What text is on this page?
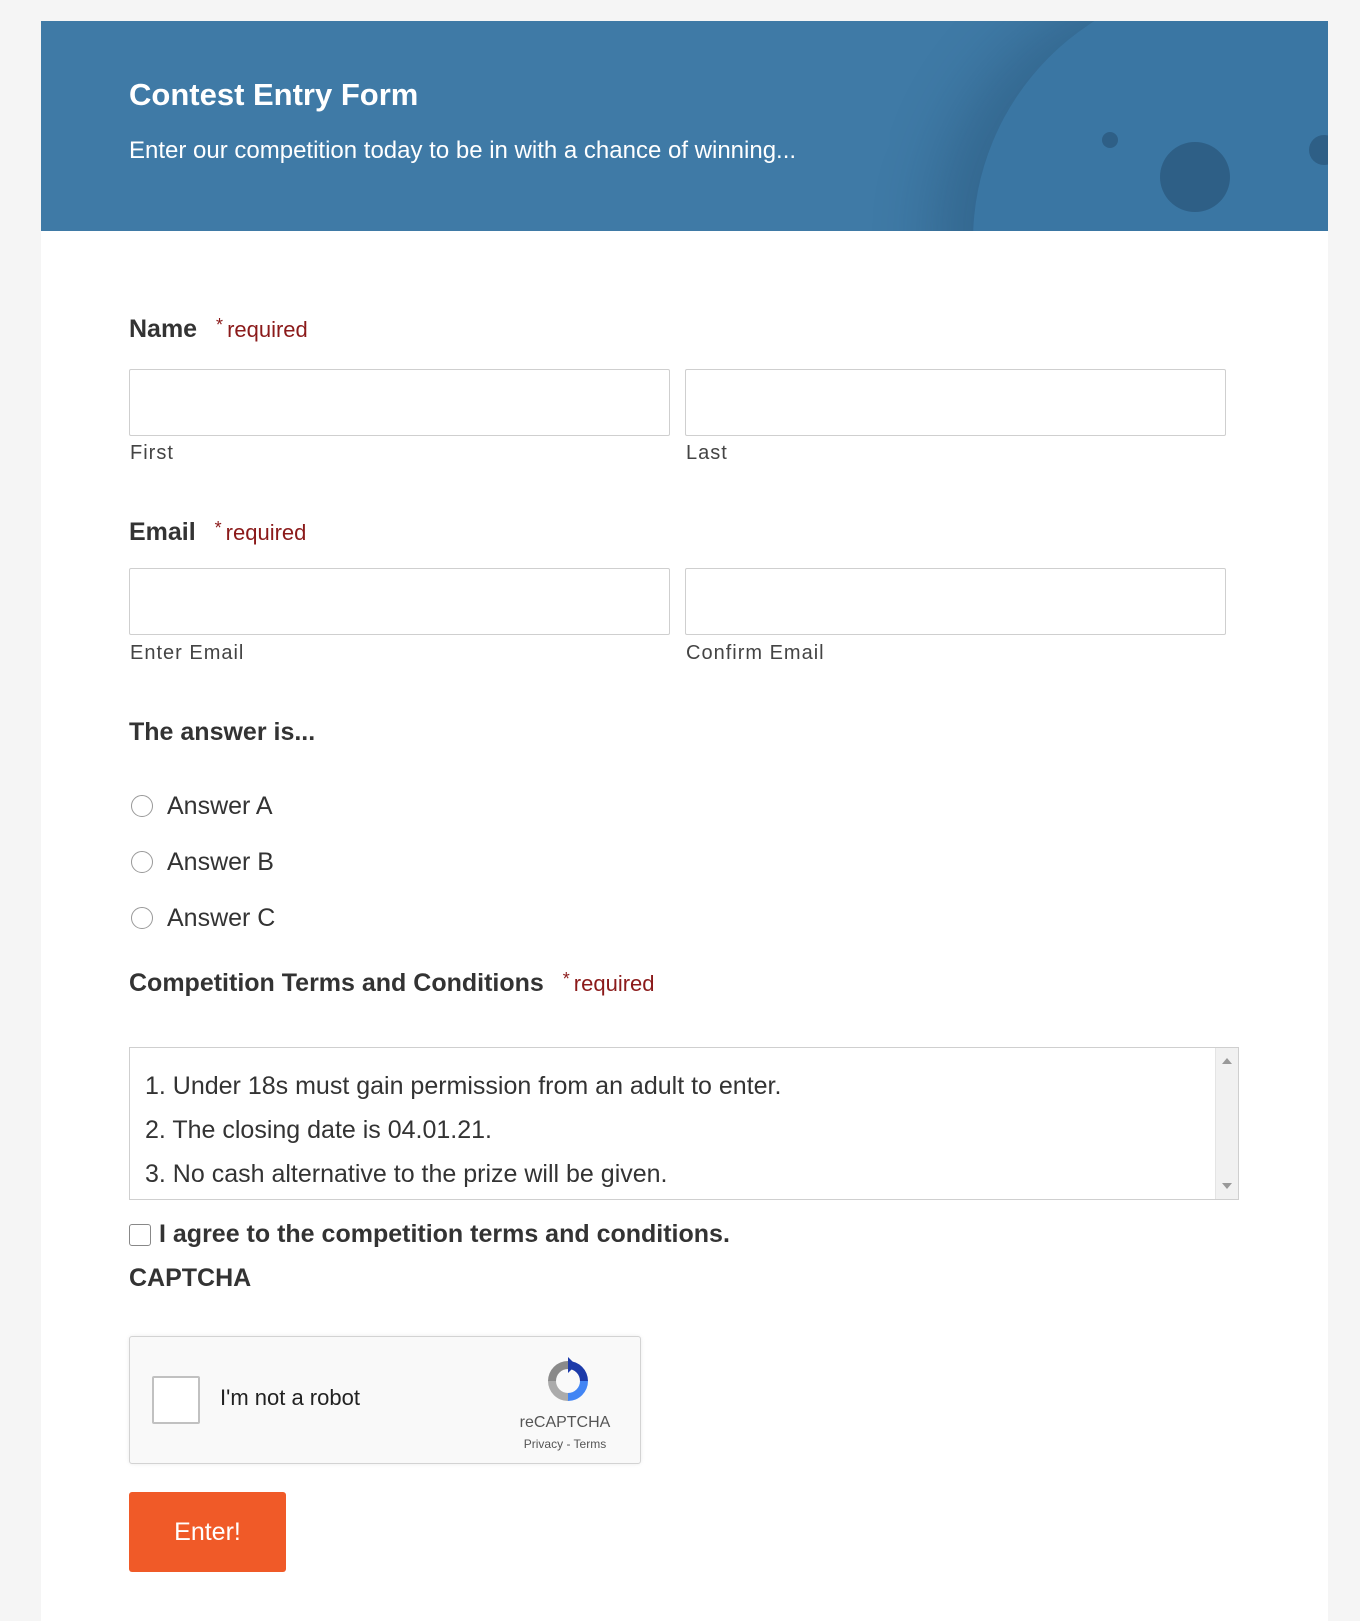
Contest Entry Form

Enter our competition today to be in with a chance of winning...

Name * required
First	Last
Email * required
Enter Email	Confirm Email
The answer is...
Answer A
Answer B
Answer C
Competition Terms and Conditions * required
1. Under 18s must gain permission from an adult to enter.
2. The closing date is 04.01.21.
3. No cash alternative to the prize will be given.
I agree to the competition terms and conditions.
CAPTCHA
I'm not a robot
reCAPTCHA
Privacy - Terms
Enter!
